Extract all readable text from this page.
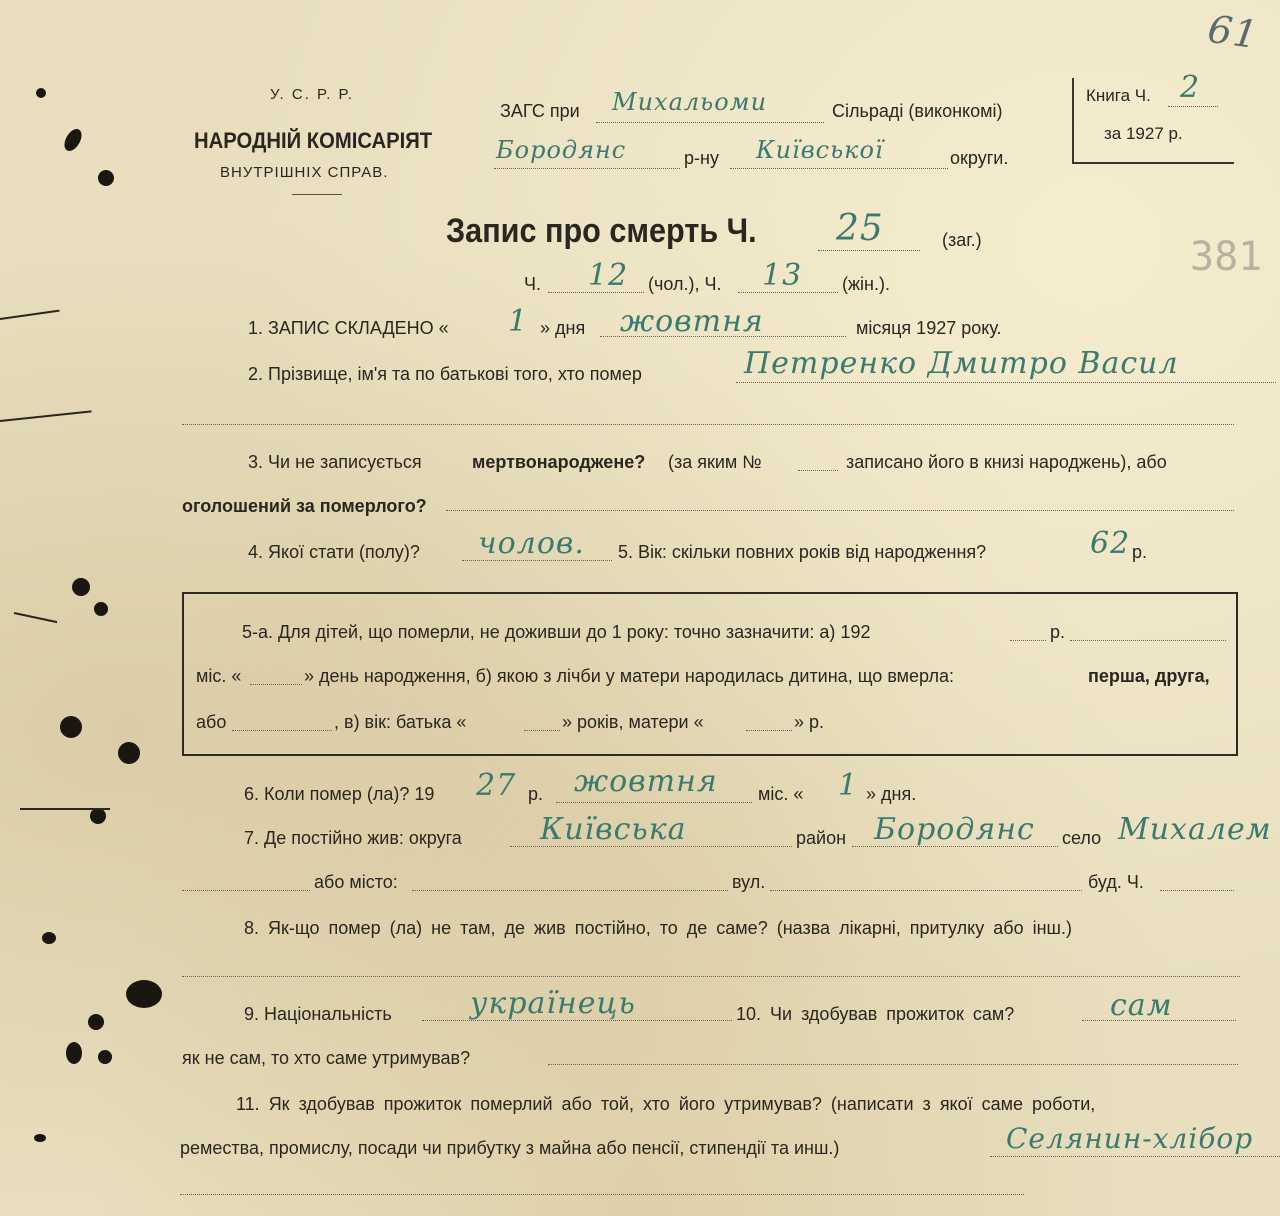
61
381
У. С. Р. Р.
НАРОДНІЙ КОМІСАРІЯТ
ВНУТРІШНІХ СПРАВ.
ЗАГС при Михальоми	Сільраді (виконкомі)
Бородянс	р-ну Київської	округи.
Книга Ч. 2
за 1927 р.
Запис про смерть Ч. 25	(заг.)
Ч. 12 (чол.), Ч. 13 (жін.).
1. ЗАПИС СКЛАДЕНО « 1 » дня жовтня	місяця 1927 року.
2. Прізвище, ім'я та по батькові того, хто помер	Петренко Дмитро Васил
3. Чи не записується	мертвонароджене? (за яким №	записано його в книзі народжень), або
оголошений за померлого?
4. Якої стати (полу)? чолов. 5. Вік: скільки повних років від народження?	62 р.
5-а. Для дітей, що померли, не доживши до 1 року: точно зазначити: а) 192	р.
міс. «	» день народження, б) якою з лічби у матери народилась дитина, що вмерла:	перша, друга,
або	, в) вік: батька «	» років, матери «	» р.
6. Коли помер (ла)? 19 27 р. жовтня міс. « 1 » дня.
7. Де постійно жив: округа	Київська	район Бородянс село Михалем
або місто:	вул.	буд. Ч.
8. Як-що помер (ла) не там, де жив постійно, то де саме? (назва лікарні, притулку або інш.)
9. Національність	українець	10. Чи здобував прожиток сам?	сам
як не сам, то хто саме утримував?
11. Як здобував прожиток померлий або той, хто його утримував? (написати з якої саме роботи,
ремества, промислу, посади чи прибутку з майна або пенсії, стипендії та инш.)	Селянин-хлібор
